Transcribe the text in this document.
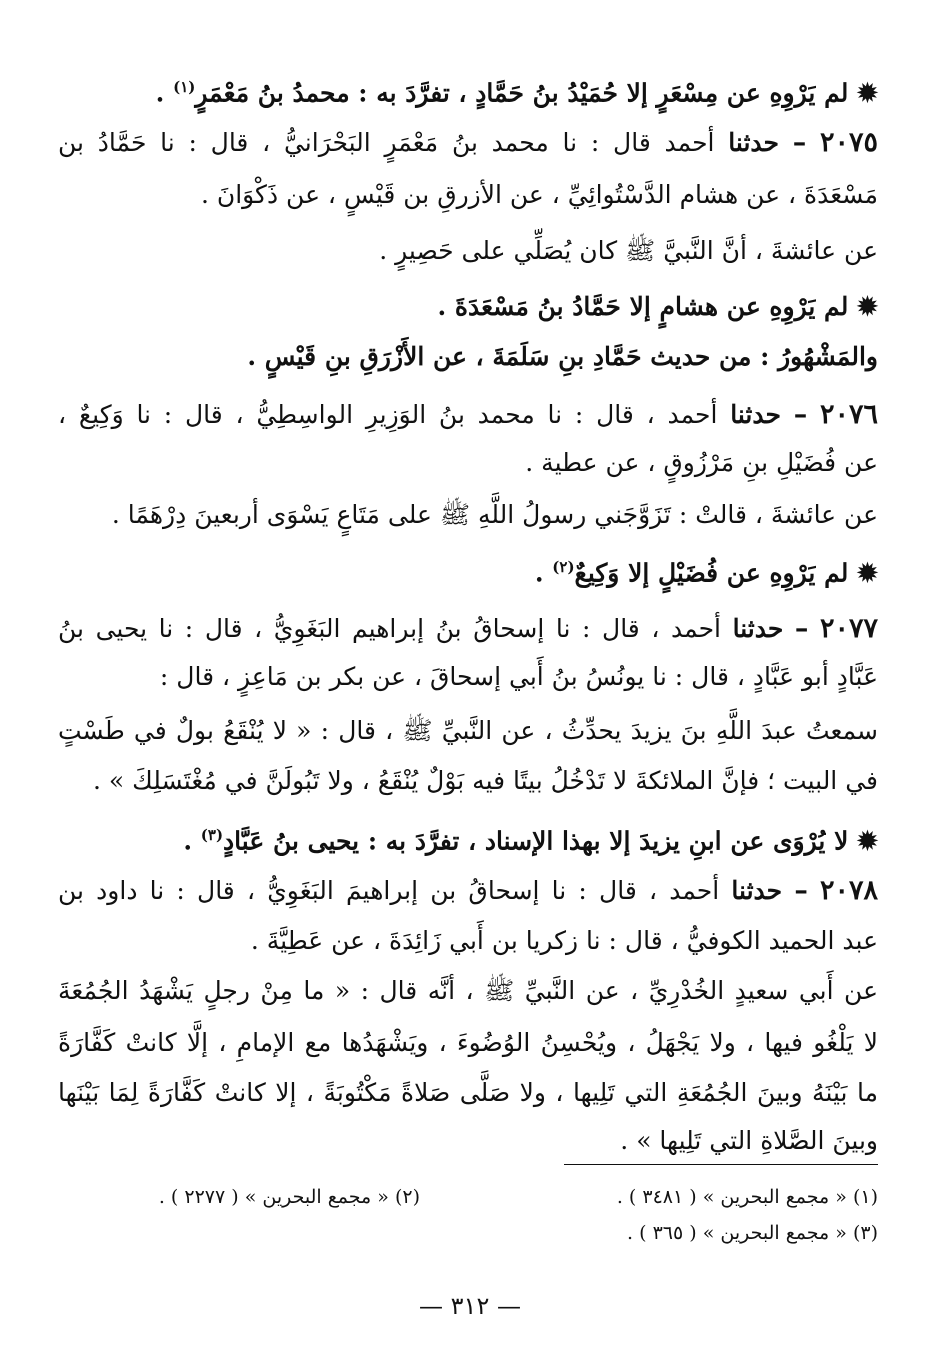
✹ لم يَرْوِهِ عن مِسْعَرٍ إلا حُمَيْدُ بنُ حَمَّادٍ ، تفرَّدَ به : محمدُ بنُ مَعْمَرٍ$^{(١)}$ .
٢٠٧٥ – حدثنا أحمد قال : نا محمد بنُ مَعْمَرٍ البَحْرَانيُّ ، قال : نا حَمَّادُ بن
مَسْعَدَةَ ، عن هشام الدَّسْتُوائِيِّ ، عن الأزرقِ بن قَيْسٍ ، عن ذَكْوَانَ .
عن عائشةَ ، أنَّ النَّبيَّ ﷺ كان يُصَلِّي على حَصِيرٍ .
✹ لم يَرْوِهِ عن هشامٍ إلا حَمَّادُ بنُ مَسْعَدَةَ .
والمَشْهُورُ : من حديث حَمَّادِ بنِ سَلَمَةَ ، عن الأَزْرَقِ بنِ قَيْسٍ .
٢٠٧٦ – حدثنا أحمد ، قال : نا محمد بنُ الوَزِيرِ الواسِطِيُّ ، قال : نا وَكِيعٌ ،
عن فُضَيْلِ بنِ مَرْزُوقٍ ، عن عطية .
عن عائشةَ ، قالتْ : تَزَوَّجَني رسولُ اللَّهِ ﷺ على مَتَاعٍ يَسْوَى أربعينَ دِرْهَمًا .
✹ لم يَرْوِهِ عن فُضَيْلٍ إلا وَكِيعٌ$^{(٢)}$ .
٢٠٧٧ – حدثنا أحمد ، قال : نا إسحاقُ بنُ إبراهيم البَغَوِيُّ ، قال : نا يحيى بنُ
عَبَّادٍ أبو عَبَّادٍ ، قال : نا يونُسُ بنُ أَبي إسحاقَ ، عن بكر بن مَاعِزٍ ، قال :
سمعتُ عبدَ اللَّهِ بنَ يزيدَ يحدِّثُ ، عن النَّبيِّ ﷺ ، قال : « لا يُنْقَعُ بولٌ في طَسْتٍ
في البيت ؛ فإنَّ الملائكةَ لا تَدْخُلُ بيتًا فيه بَوْلٌ يُنْقَعُ ، ولا تَبُولَنَّ في مُغْتَسَلِكَ » .
✹ لا يُرْوَى عن ابنِ يزيدَ إلا بهذا الإسناد ، تفرَّدَ به : يحيى بنُ عَبَّادٍ$^{(٣)}$ .
٢٠٧٨ – حدثنا أحمد ، قال : نا إسحاقُ بن إبراهيمَ البَغَوِيُّ ، قال : نا داود بن
عبد الحميد الكوفيُّ ، قال : نا زكريا بن أَبي زَائِدَةَ ، عن عَطِيَّةَ .
عن أَبي سعيدٍ الخُدْرِيِّ ، عن النَّبيِّ ﷺ ، أنَّه قال : « ما مِنْ رجلٍ يَشْهَدُ الجُمُعَةَ
لا يَلْغُو فيها ، ولا يَجْهَلُ ، ويُحْسِنُ الوُضُوءَ ، ويَشْهَدُها مع الإمامِ ، إلَّا كانتْ كَفَّارَةً
ما بَيْنَهُ وبينَ الجُمُعَةِ التي تَلِيها ، ولا صَلَّى صَلاةً مَكْتُوبَةً ، إلا كانتْ كَفَّارَةً لِمَا بَيْنَها
وبينَ الصَّلاةِ التي تَلِيها » .
(١) « مجمع البحرين » ( ٣٤٨١ ) .
(٢) « مجمع البحرين » ( ٢٢٧٧ ) .
(٣) « مجمع البحرين » ( ٣٦٥ ) .
— ٣١٢ —
